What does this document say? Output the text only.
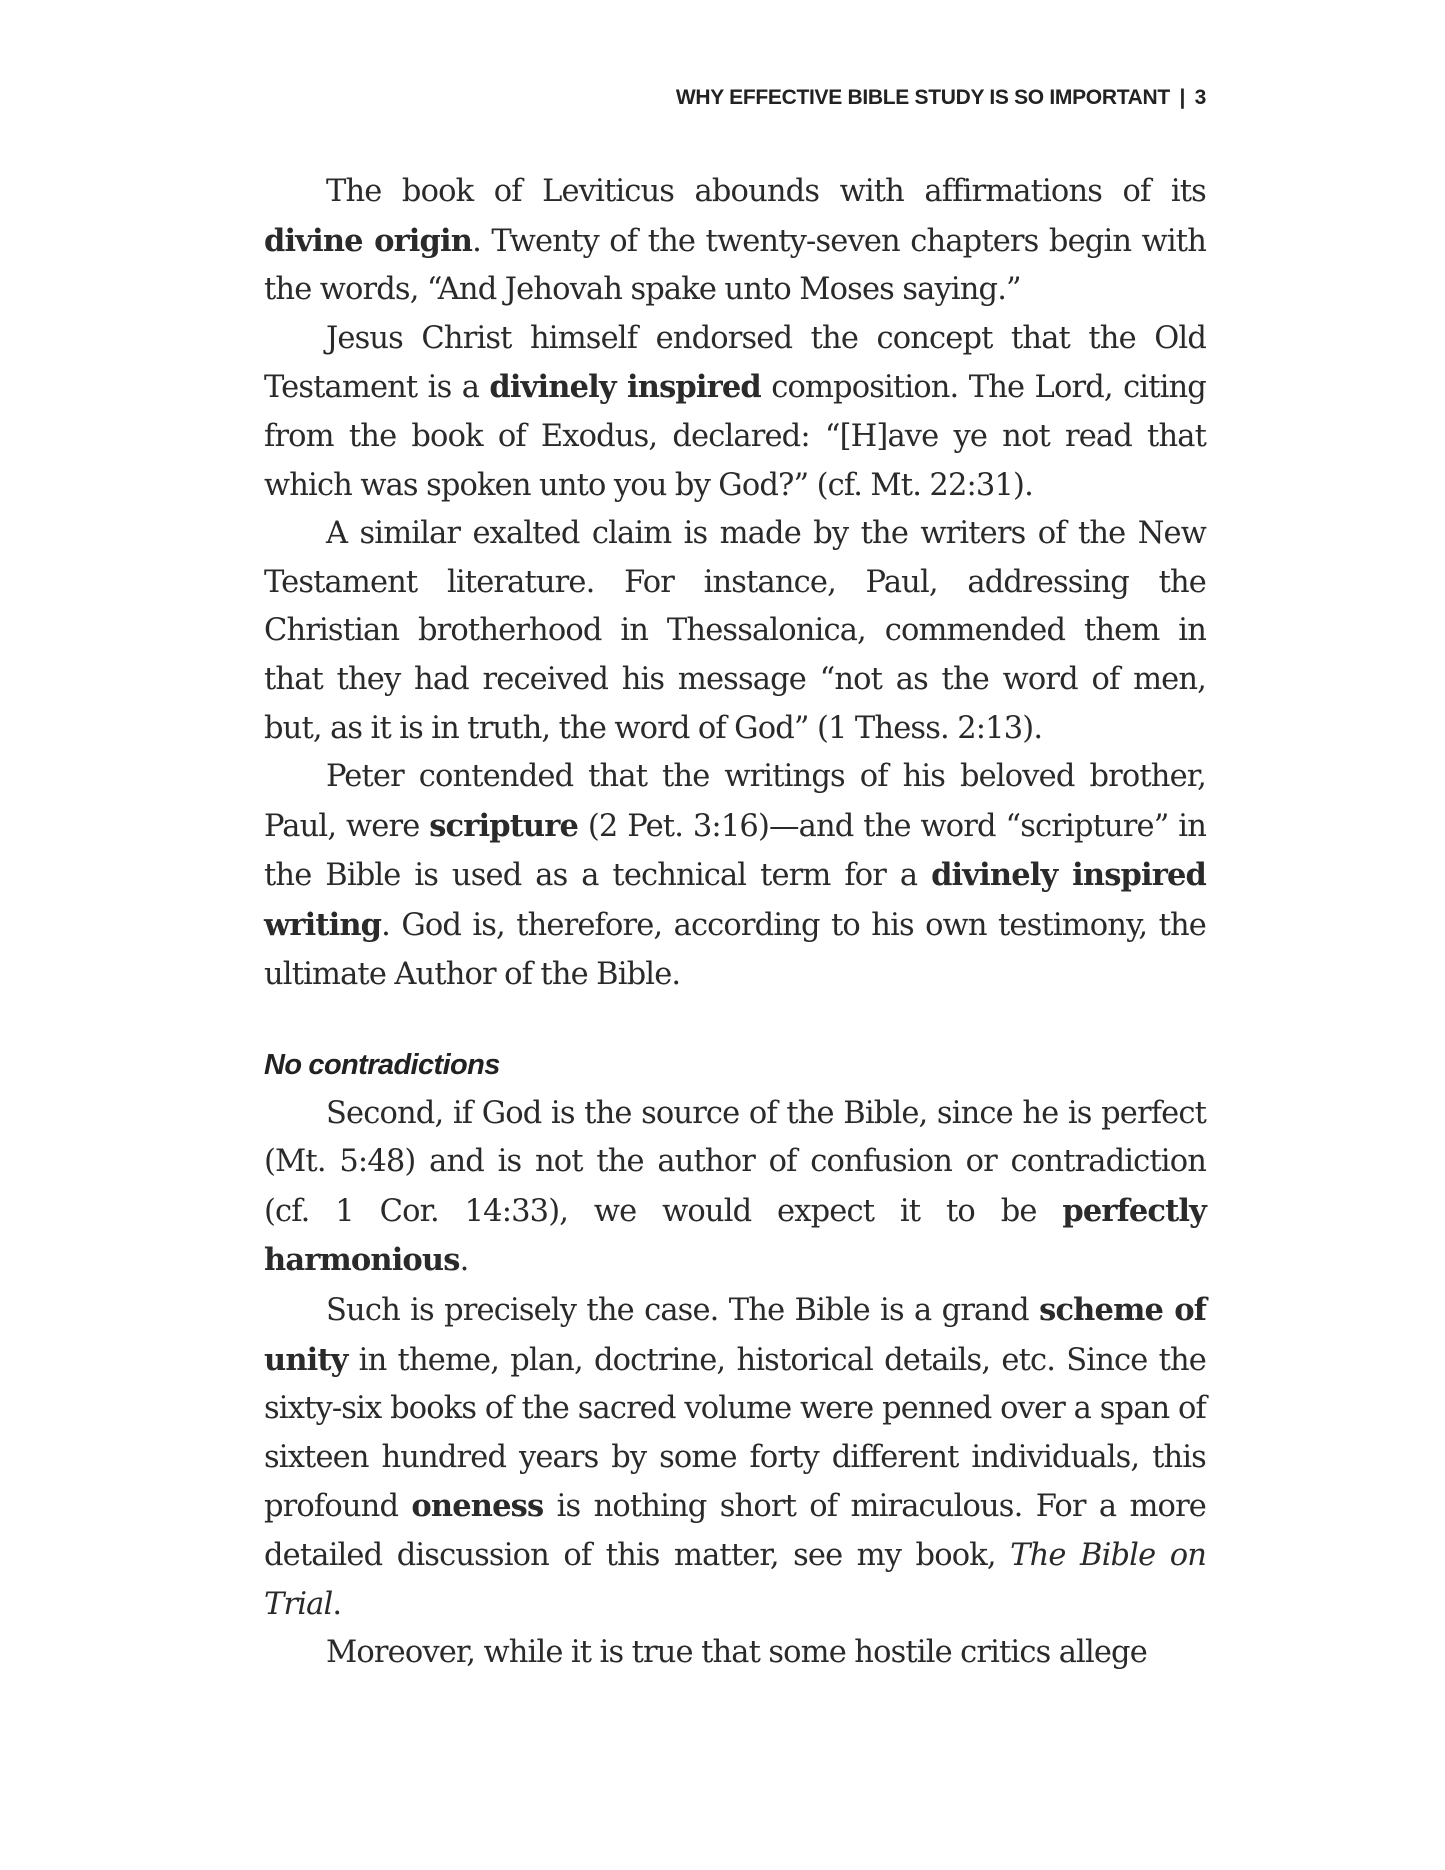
WHY EFFECTIVE BIBLE STUDY IS SO IMPORTANT | 3

The book of Leviticus abounds with affirmations of its divine origin. Twenty of the twenty-seven chapters begin with the words, “And Jehovah spake unto Moses saying.”

Jesus Christ himself endorsed the concept that the Old Testament is a divinely inspired composition. The Lord, citing from the book of Exodus, declared: “[H]ave ye not read that which was spoken unto you by God?” (cf. Mt. 22:31).

A similar exalted claim is made by the writers of the New Testament literature. For instance, Paul, addressing the Christian brotherhood in Thessalonica, commended them in that they had received his message “not as the word of men, but, as it is in truth, the word of God” (1 Thess. 2:13).

Peter contended that the writings of his beloved brother, Paul, were scripture (2 Pet. 3:16)—and the word “scripture” in the Bible is used as a technical term for a divinely inspired writing. God is, therefore, according to his own testimony, the ultimate Author of the Bible.

No contradictions

Second, if God is the source of the Bible, since he is perfect (Mt. 5:48) and is not the author of confusion or contradiction (cf. 1 Cor. 14:33), we would expect it to be perfectly harmonious.

Such is precisely the case. The Bible is a grand scheme of unity in theme, plan, doctrine, historical details, etc. Since the sixty-six books of the sacred volume were penned over a span of sixteen hundred years by some forty different individuals, this profound oneness is nothing short of miraculous. For a more detailed discussion of this matter, see my book, The Bible on Trial.

Moreover, while it is true that some hostile critics allege
